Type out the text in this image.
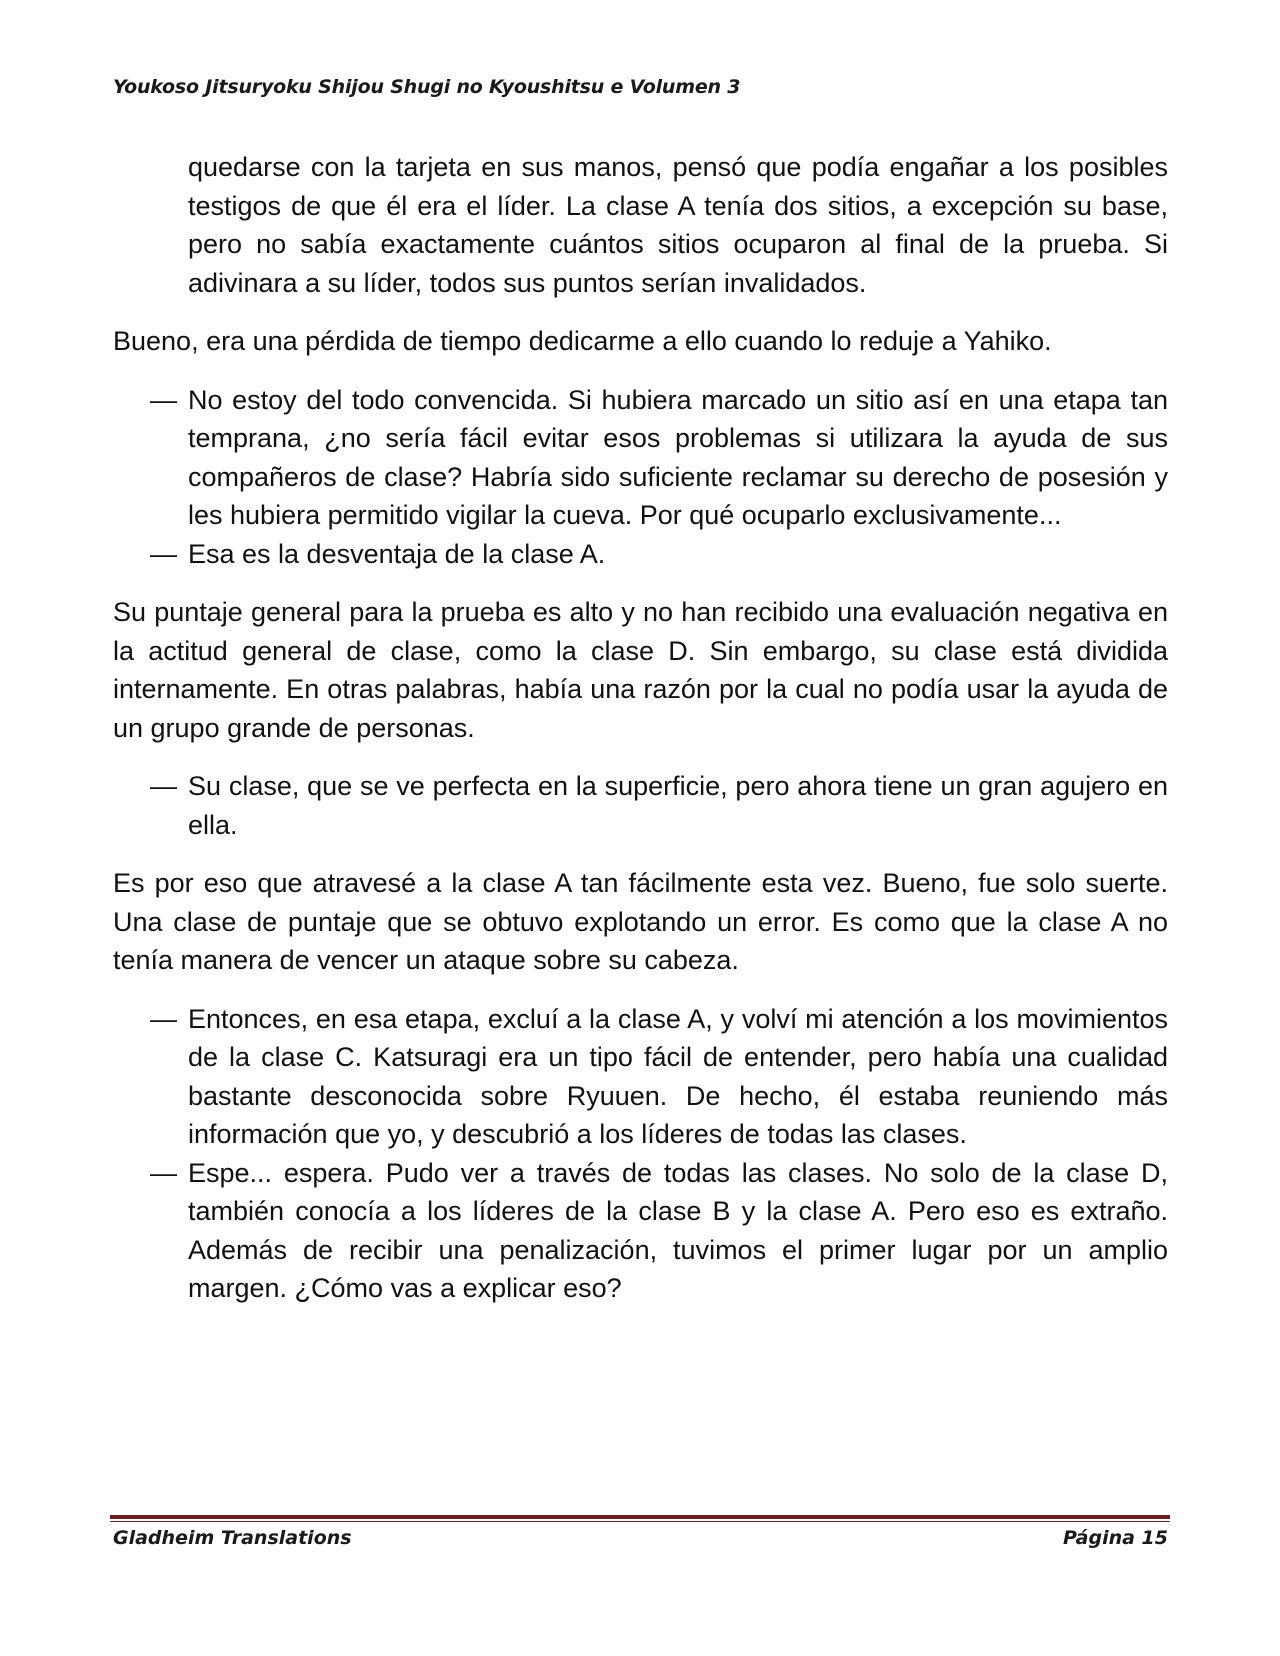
Youkoso Jitsuryoku Shijou Shugi no Kyoushitsu e Volumen 3

quedarse con la tarjeta en sus manos, pensó que podía engañar a los posibles testigos de que él era el líder. La clase A tenía dos sitios, a excepción su base, pero no sabía exactamente cuántos sitios ocuparon al final de la prueba. Si adivinara a su líder, todos sus puntos serían invalidados.

Bueno, era una pérdida de tiempo dedicarme a ello cuando lo reduje a Yahiko.

— No estoy del todo convencida. Si hubiera marcado un sitio así en una etapa tan temprana, ¿no sería fácil evitar esos problemas si utilizara la ayuda de sus compañeros de clase? Habría sido suficiente reclamar su derecho de posesión y les hubiera permitido vigilar la cueva. Por qué ocuparlo exclusivamente...
— Esa es la desventaja de la clase A.

Su puntaje general para la prueba es alto y no han recibido una evaluación negativa en la actitud general de clase, como la clase D. Sin embargo, su clase está dividida internamente. En otras palabras, había una razón por la cual no podía usar la ayuda de un grupo grande de personas.

— Su clase, que se ve perfecta en la superficie, pero ahora tiene un gran agujero en ella.

Es por eso que atravesé a la clase A tan fácilmente esta vez. Bueno, fue solo suerte. Una clase de puntaje que se obtuvo explotando un error. Es como que la clase A no tenía manera de vencer un ataque sobre su cabeza.

— Entonces, en esa etapa, excluí a la clase A, y volví mi atención a los movimientos de la clase C. Katsuragi era un tipo fácil de entender, pero había una cualidad bastante desconocida sobre Ryuuen. De hecho, él estaba reuniendo más información que yo, y descubrió a los líderes de todas las clases.
— Espe... espera. Pudo ver a través de todas las clases. No solo de la clase D, también conocía a los líderes de la clase B y la clase A. Pero eso es extraño. Además de recibir una penalización, tuvimos el primer lugar por un amplio margen. ¿Cómo vas a explicar eso?
Gladheim Translations	Página 15
